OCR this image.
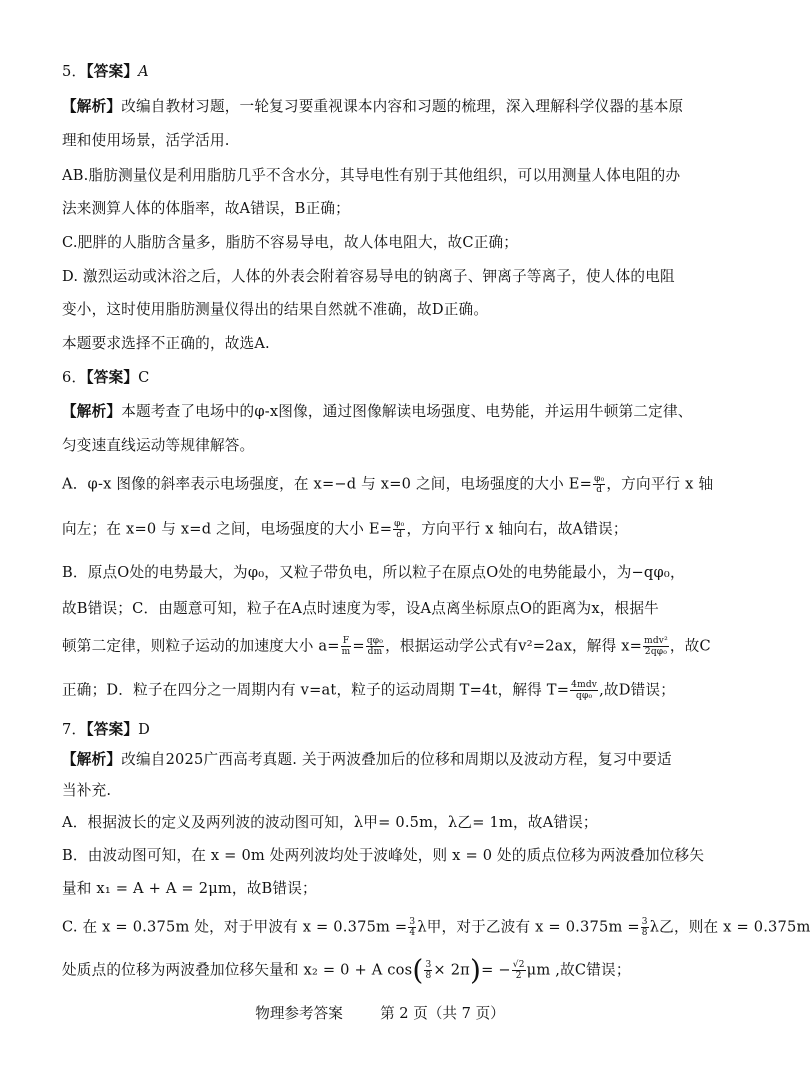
5．【答案】A
【解析】改编自教材习题，一轮复习要重视课本内容和习题的梳理，深入理解科学仪器的基本原
理和使用场景，活学活用.
AB.脂肪测量仪是利用脂肪几乎不含水分，其导电性有别于其他组织，可以用测量人体电阻的办
法来测算人体的体脂率，故A错误，B正确；
C.肥胖的人脂肪含量多，脂肪不容易导电，故人体电阻大，故C正确；
D. 激烈运动或沐浴之后，人体的外表会附着容易导电的钠离子、钾离子等离子，使人体的电阻
变小，这时使用脂肪测量仪得出的结果自然就不准确，故D正确。
本题要求选择不正确的，故选A.
6．【答案】C
【解析】本题考查了电场中的φ-x图像，通过图像解读电场强度、电势能，并运用牛顿第二定律、
匀变速直线运动等规律解答。
A．φ-x 图像的斜率表示电场强度，在 x=−d 与 x=0 之间，电场强度的大小 $E= \frac{\text{φ₀}}{d}$ ，方向平行 x 轴
向左；在 x=0 与 x=d 之间，电场强度的大小 $E= \frac{\text{φ₀}}{d}$ ，方向平行 x 轴向右，故A错误；
B．原点O处的电势最大，为φ₀，又粒子带负电，所以粒子在原点O处的电势能最小，为−qφ₀，
故B错误；C．由题意可知，粒子在A点时速度为零，设A点离坐标原点O的距离为x，根据牛
顿第二定律，则粒子运动的加速度大小 $a= \frac{F}{m} = \frac{\text{qφ₀}}{dm}$ ，根据运动学公式有v²=2ax，解得 $x= \frac{\text{mdv²}}{\text{2qφ₀}}$ ，故C
正确；D．粒子在四分之一周期内有 v=at，粒子的运动周期 T=4t，解得 $T= \frac{\text{4mdv}}{\text{qφ₀}}$ ,故D错误；
7．【答案】D
【解析】改编自2025广西高考真题. 关于两波叠加后的位移和周期以及波动方程，复习中要适
当补充.
A．根据波长的定义及两列波的波动图可知，λ甲= 0.5m，λ乙= 1m，故A错误；
B．由波动图可知，在 x = 0m 处两列波均处于波峰处，则 x = 0 处的质点位移为两波叠加位移矢
量和 x₁ = A + A = 2μm，故B错误；
C. 在 x = 0.375m 处，对于甲波有 $x = 0.375m = \frac{3}{4}$ λ甲，对于乙波有 $x = 0.375m = \frac{3}{8}$ λ乙，则在 x = 0.375m
处质点的位移为两波叠加位移矢量和 x₂ = 0 + A $\cos( \frac{3}{8} \times 2\pi)= - \frac{√2}{2}$ μm ,故C错误；
物理参考答案	第 2 页（共 7 页）
